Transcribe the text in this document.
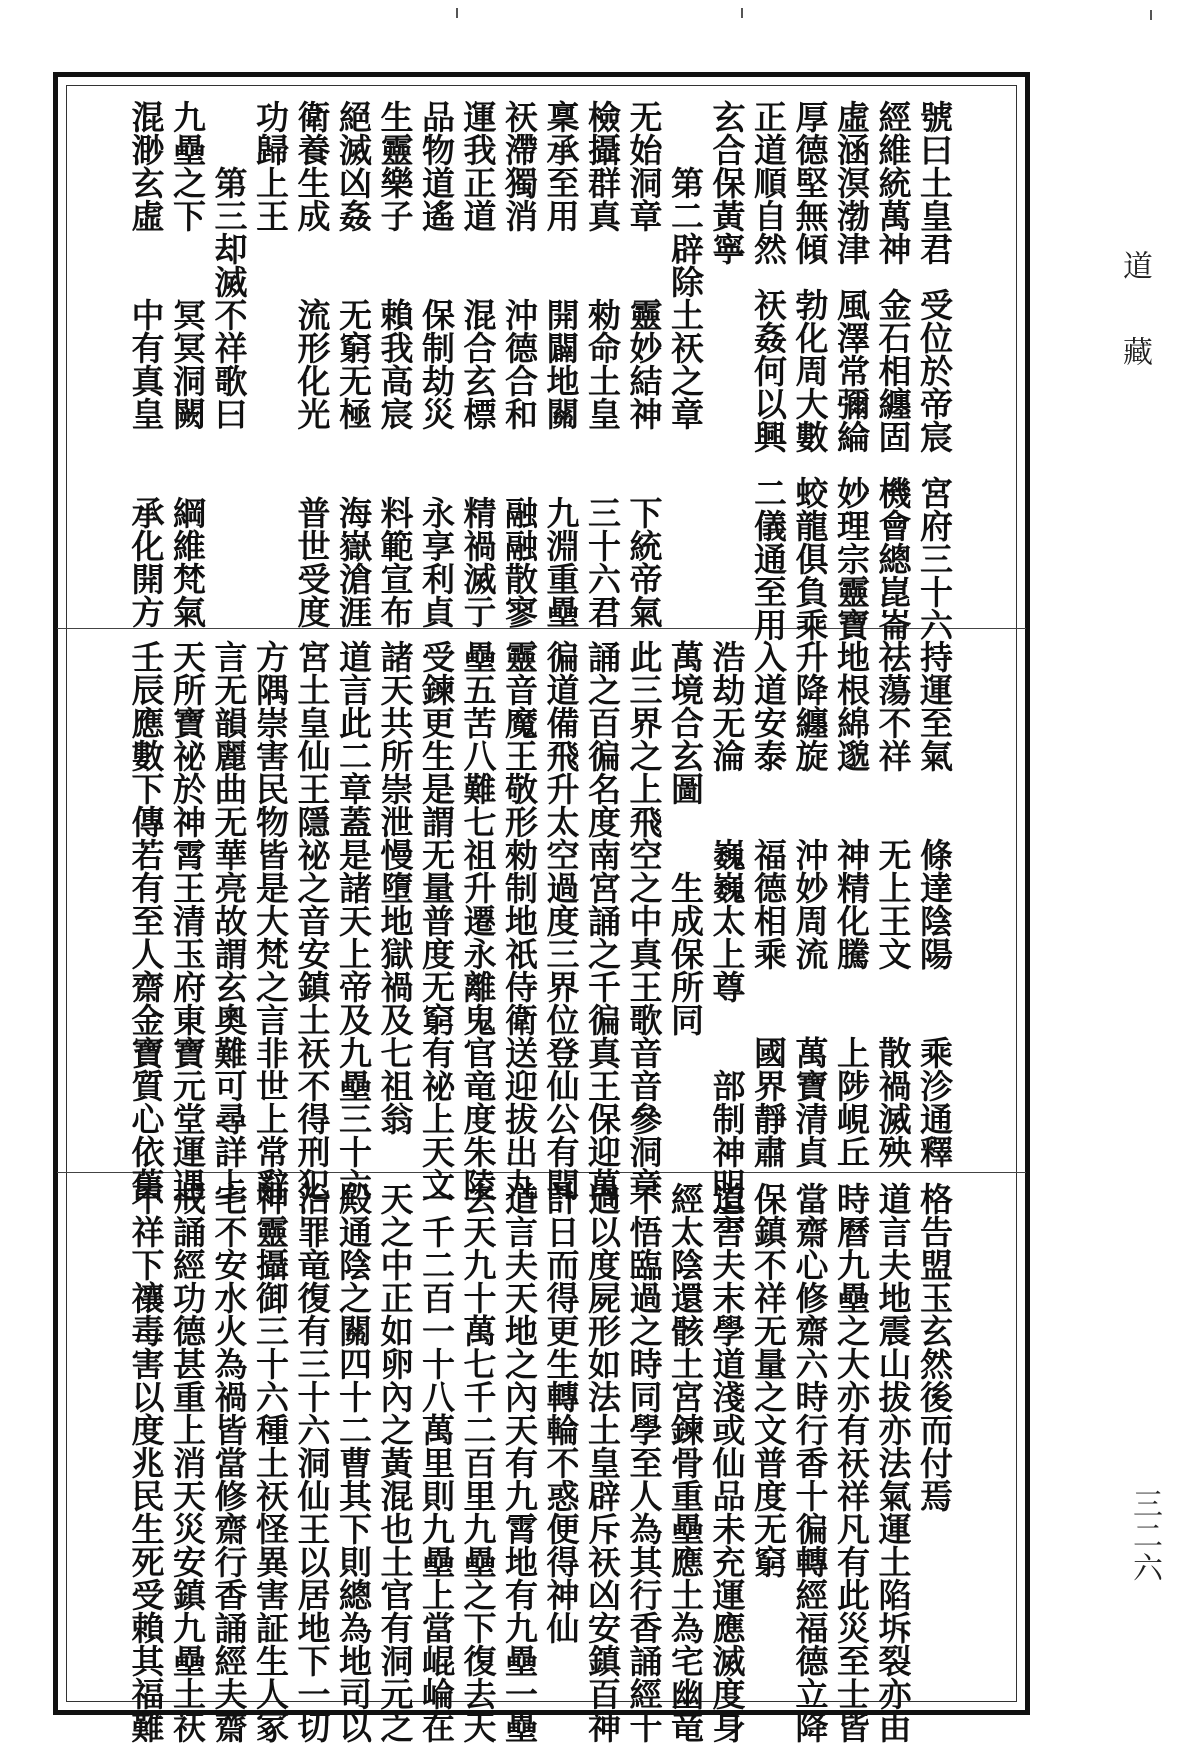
道藏
三二六
號曰土皇君  受位於帝宸  宮府三十六
經維統萬神  金石相纏固  機會總崑崙
虛涵溟渤津  風澤常彌綸  妙理宗靈寶
厚德堅無傾  勃化周大數  蛟龍俱負乘
正道順自然  祆姦何以興  二儀通至用
玄合保黃寧
　　第二辟除土祆之章
无始洞章　　靈妙結神　　下統帝氣
檢攝群真　　勑命土皇　　三十六君
稟承至用　　開闢地關　　九淵重壘
祆滯獨消　　沖德合和　　融融散寥
運我正道　　混合玄標　　精禍滅亍
品物道遙　　保制劫災　　永享利貞
生靈樂子　　賴我高宸　　料範宣布
絕滅凶姦　　无窮无極　　海嶽滄涯
衛養生成　　流形化光　　普世受度
功歸上王
　　第三却滅不祥歌曰
九壘之下　　冥冥洞闕　　綱維梵氣
混渺玄虛　　中有真皇　　承化開方
持運至氣　　條達陰陽　　乘沴通釋
祛蕩不祥　　无上王文　　散禍滅殃
地根綿邈　　神精化騰　　上陟峴丘
升降纏旋　　沖妙周流　　萬寶清貞
入道安泰　　福德相乘　　國界靜肅
浩劫无淪　　巍巍太上尊　　部制神明宗
萬境合玄圖　　生成保所同
此三界之上飛空之中真王歌音音參洞章
誦之百徧名度南宮誦之千徧真王保迎萬
徧道備飛升太空過度三界位登仙公有聞
靈音魔王敬形勑制地祇侍衛送迎拔出九
壘五苦八難七祖升遷永離鬼官竜度朱陵
受鍊更生是謂无量普度无窮有祕上天文
諸天共所崇泄慢墮地獄禍及七祖翁
道言此二章蓋是諸天上帝及九壘三十六
宮土皇仙王隱祕之音安鎮土祆不得刑犯
方隅崇害民物皆是大梵之言非世上常辭
言无韻麗曲无華亮故謂玄奧難可尋詳上
天所寶祕於神霄王清玉府東寶元堂運遇
壬辰應數下傳若有至人齋金寶質心依舊
格告盟玉玄然後而付焉
道言夫地震山拔亦法氣運土陷坼裂亦由
時曆九壘之大亦有祆祥凡有此災至士皆
當齋心修齋六時行香十徧轉經福德立降
保鎮不祥无量之文普度无窮
道言夫末學道淺或仙品未充運應滅度身
經太陰還骸土宮鍊骨重壘應土為宅幽竜
不悟臨過之時同學至人為其行香誦經十
過以度屍形如法土皇辟斥祆凶安鎮百神
計日而得更生轉輪不惑便得神仙
道言夫天地之內天有九霄地有九壘一壘
去天九十萬七千二百里九壘之下復去天
一千二百一十八萬里則九壘上當崐崘在
天之中正如卵內之黃混也土官有洞元之
殿通陰之關四十二曹其下則總為地司以
治罪竜復有三十六洞仙王以居地下一切
神靈攝御三十六種土祆怪異害証生人冢
宅不安水火為禍皆當修齋行香誦經夫齋
戒誦經功德甚重上消天災安鎮九壘土祆
不祥下禳毒害以度兆民生死受賴其福難
